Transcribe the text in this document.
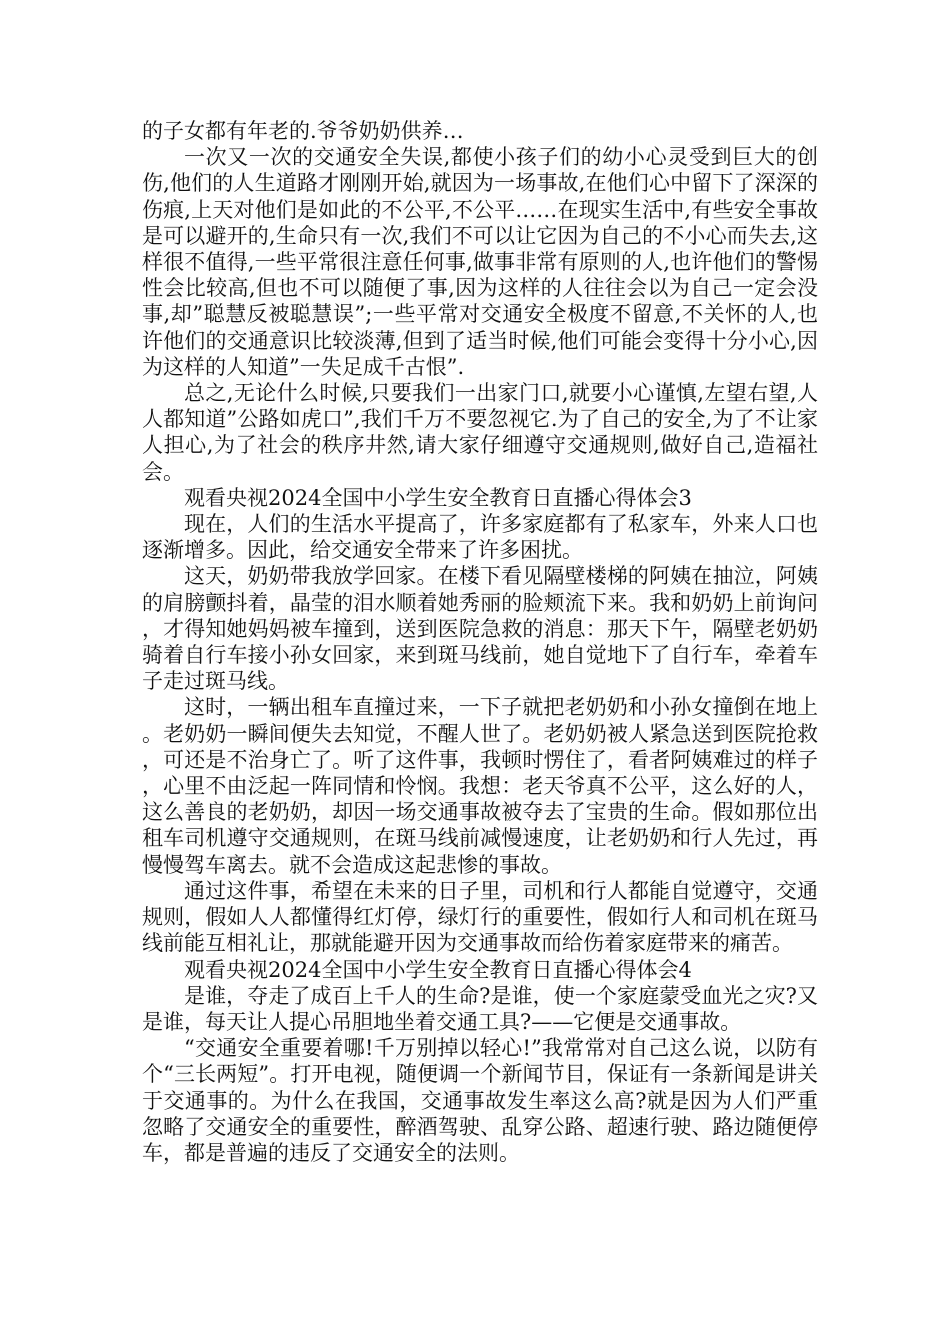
的子女都有年老的.爷爷奶奶供养…

一次又一次的交通安全失误,都使小孩子们的幼小心灵受到巨大的创伤,他们的人生道路才刚刚开始,就因为一场事故,在他们心中留下了深深的伤痕,上天对他们是如此的不公平,不公平……在现实生活中,有些安全事故是可以避开的,生命只有一次,我们不可以让它因为自己的不小心而失去,这样很不值得,一些平常很注意任何事,做事非常有原则的人,也许他们的警惕性会比较高,但也不可以随便了事,因为这样的人往往会以为自己一定会没事,却”聪慧反被聪慧误”;一些平常对交通安全极度不留意,不关怀的人,也许他们的交通意识比较淡薄,但到了适当时候,他们可能会变得十分小心,因为这样的人知道”一失足成千古恨”.

总之,无论什么时候,只要我们一出家门口,就要小心谨慎,左望右望,人人都知道”公路如虎口”,我们千万不要忽视它.为了自己的安全,为了不让家人担心,为了社会的秩序井然,请大家仔细遵守交通规则,做好自己,造福社会。

观看央视2024全国中小学生安全教育日直播心得体会3

现在，人们的生活水平提高了，许多家庭都有了私家车，外来人口也逐渐增多。因此，给交通安全带来了许多困扰。

这天，奶奶带我放学回家。在楼下看见隔壁楼梯的阿姨在抽泣，阿姨的肩膀颤抖着，晶莹的泪水顺着她秀丽的脸颊流下来。我和奶奶上前询问，才得知她妈妈被车撞到，送到医院急救的消息：那天下午，隔壁老奶奶骑着自行车接小孙女回家，来到斑马线前，她自觉地下了自行车，牵着车子走过斑马线。

这时，一辆出租车直撞过来，一下子就把老奶奶和小孙女撞倒在地上。老奶奶一瞬间便失去知觉，不醒人世了。老奶奶被人紧急送到医院抢救，可还是不治身亡了。听了这件事，我顿时愣住了，看者阿姨难过的样子，心里不由泛起一阵同情和怜悯。我想：老天爷真不公平，这么好的人，这么善良的老奶奶，却因一场交通事故被夺去了宝贵的生命。假如那位出租车司机遵守交通规则，在斑马线前减慢速度，让老奶奶和行人先过，再慢慢驾车离去。就不会造成这起悲惨的事故。

通过这件事，希望在未来的日子里，司机和行人都能自觉遵守，交通规则，假如人人都懂得红灯停，绿灯行的重要性，假如行人和司机在斑马线前能互相礼让，那就能避开因为交通事故而给伤着家庭带来的痛苦。

观看央视2024全国中小学生安全教育日直播心得体会4

是谁，夺走了成百上千人的生命?是谁，使一个家庭蒙受血光之灾?又是谁，每天让人提心吊胆地坐着交通工具?——它便是交通事故。

“交通安全重要着哪!千万别掉以轻心!”我常常对自己这么说，以防有个“三长两短”。打开电视，随便调一个新闻节目，保证有一条新闻是讲关于交通事的。为什么在我国，交通事故发生率这么高?就是因为人们严重忽略了交通安全的重要性，醉酒驾驶、乱穿公路、超速行驶、路边随便停车，都是普遍的违反了交通安全的法则。
